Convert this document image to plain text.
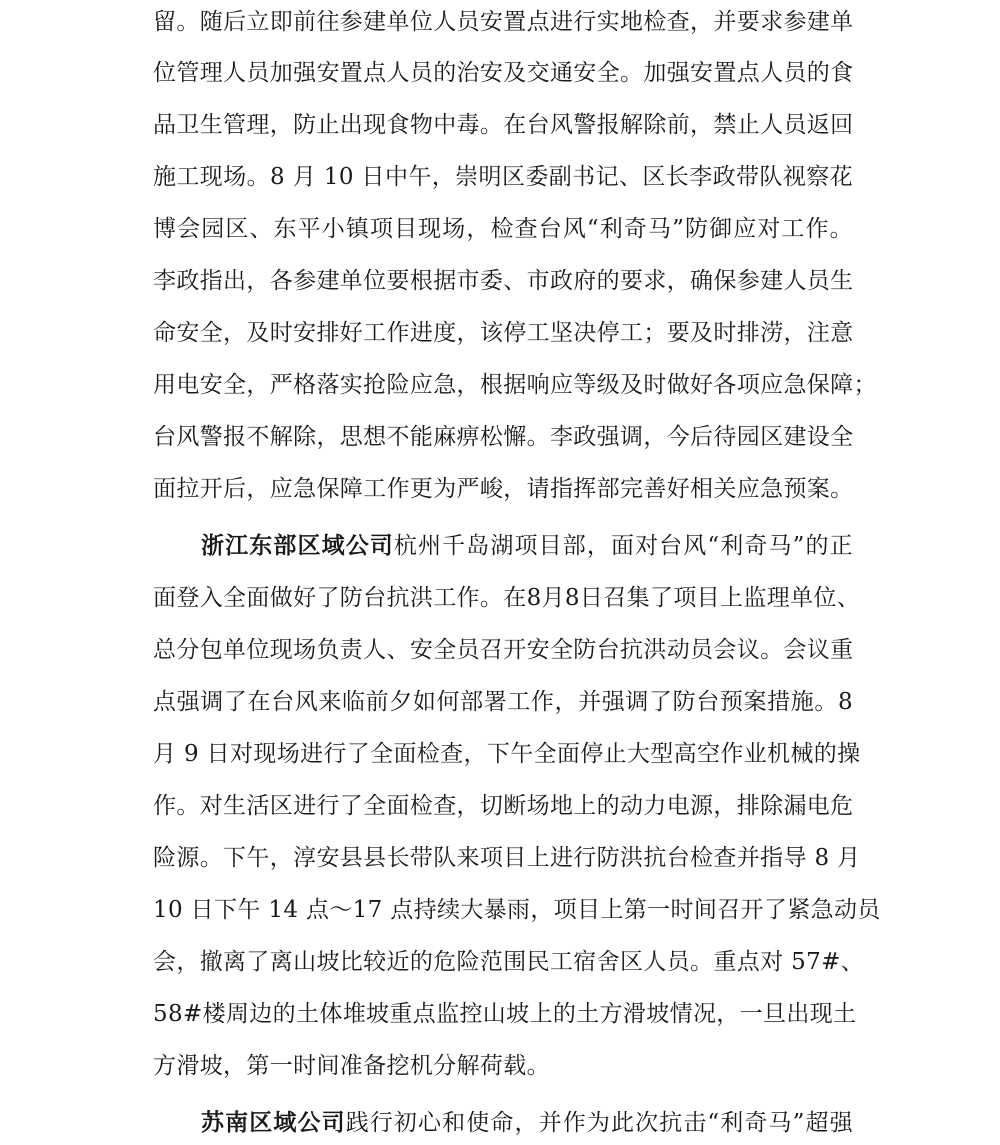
留。随后立即前往参建单位人员安置点进行实地检查，并要求参建单
位管理人员加强安置点人员的治安及交通安全。加强安置点人员的食
品卫生管理，防止出现食物中毒。在台风警报解除前，禁止人员返回
施工现场。8 月 10 日中午，崇明区委副书记、区长李政带队视察花
博会园区、东平小镇项目现场，检查台风“利奇马”防御应对工作。
李政指出，各参建单位要根据市委、市政府的要求，确保参建人员生
命安全，及时安排好工作进度，该停工坚决停工；要及时排涝，注意
用电安全，严格落实抢险应急，根据响应等级及时做好各项应急保障；
台风警报不解除，思想不能麻痹松懈。李政强调，今后待园区建设全
面拉开后，应急保障工作更为严峻，请指挥部完善好相关应急预案。
浙江东部区域公司杭州千岛湖项目部，面对台风“利奇马”的正
面登入全面做好了防台抗洪工作。在8月8日召集了项目上监理单位、
总分包单位现场负责人、安全员召开安全防台抗洪动员会议。会议重
点强调了在台风来临前夕如何部署工作，并强调了防台预案措施。8
月 9 日对现场进行了全面检查，下午全面停止大型高空作业机械的操
作。对生活区进行了全面检查，切断场地上的动力电源，排除漏电危
险源。下午，淳安县县长带队来项目上进行防洪抗台检查并指导 8 月
10 日下午 14 点～17 点持续大暴雨，项目上第一时间召开了紧急动员
会，撤离了离山坡比较近的危险范围民工宿舍区人员。重点对 57#、
58#楼周边的土体堆坡重点监控山坡上的土方滑坡情况，一旦出现土
方滑坡，第一时间准备挖机分解荷载。
苏南区域公司践行初心和使命，并作为此次抗击“利奇马”超强
